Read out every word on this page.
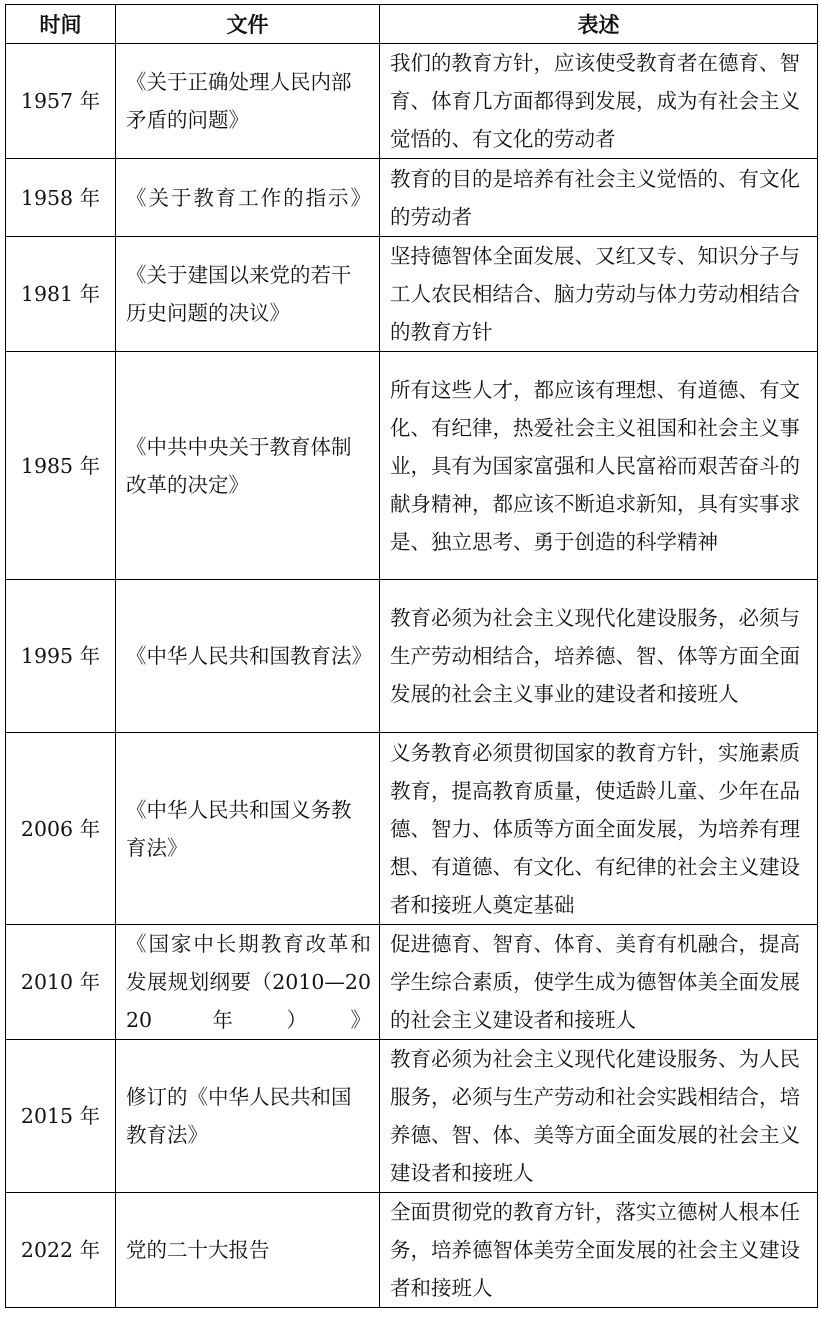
时间	文件	表述
1957 年	《关于正确处理人民内部矛盾的问题》	我们的教育方针，应该使受教育者在德育、智育、体育几方面都得到发展，成为有社会主义觉悟的、有文化的劳动者
1958 年	《关于教育工作的指示》	教育的目的是培养有社会主义觉悟的、有文化的劳动者
1981 年	《关于建国以来党的若干历史问题的决议》	坚持德智体全面发展、又红又专、知识分子与工人农民相结合、脑力劳动与体力劳动相结合的教育方针
1985 年	《中共中央关于教育体制改革的决定》	所有这些人才，都应该有理想、有道德、有文化、有纪律，热爱社会主义祖国和社会主义事业，具有为国家富强和人民富裕而艰苦奋斗的献身精神，都应该不断追求新知，具有实事求是、独立思考、勇于创造的科学精神
1995 年	《中华人民共和国教育法》	教育必须为社会主义现代化建设服务，必须与生产劳动相结合，培养德、智、体等方面全面发展的社会主义事业的建设者和接班人
2006 年	《中华人民共和国义务教育法》	义务教育必须贯彻国家的教育方针，实施素质教育，提高教育质量，使适龄儿童、少年在品德、智力、体质等方面全面发展，为培养有理想、有道德、有文化、有纪律的社会主义建设者和接班人奠定基础
2010 年	《国家中长期教育改革和发展规划纲要（2010—2020 年）》	促进德育、智育、体育、美育有机融合，提高学生综合素质，使学生成为德智体美全面发展的社会主义建设者和接班人
2015 年	修订的《中华人民共和国教育法》	教育必须为社会主义现代化建设服务、为人民服务，必须与生产劳动和社会实践相结合，培养德、智、体、美等方面全面发展的社会主义建设者和接班人
2022 年	党的二十大报告	全面贯彻党的教育方针，落实立德树人根本任务，培养德智体美劳全面发展的社会主义建设者和接班人
